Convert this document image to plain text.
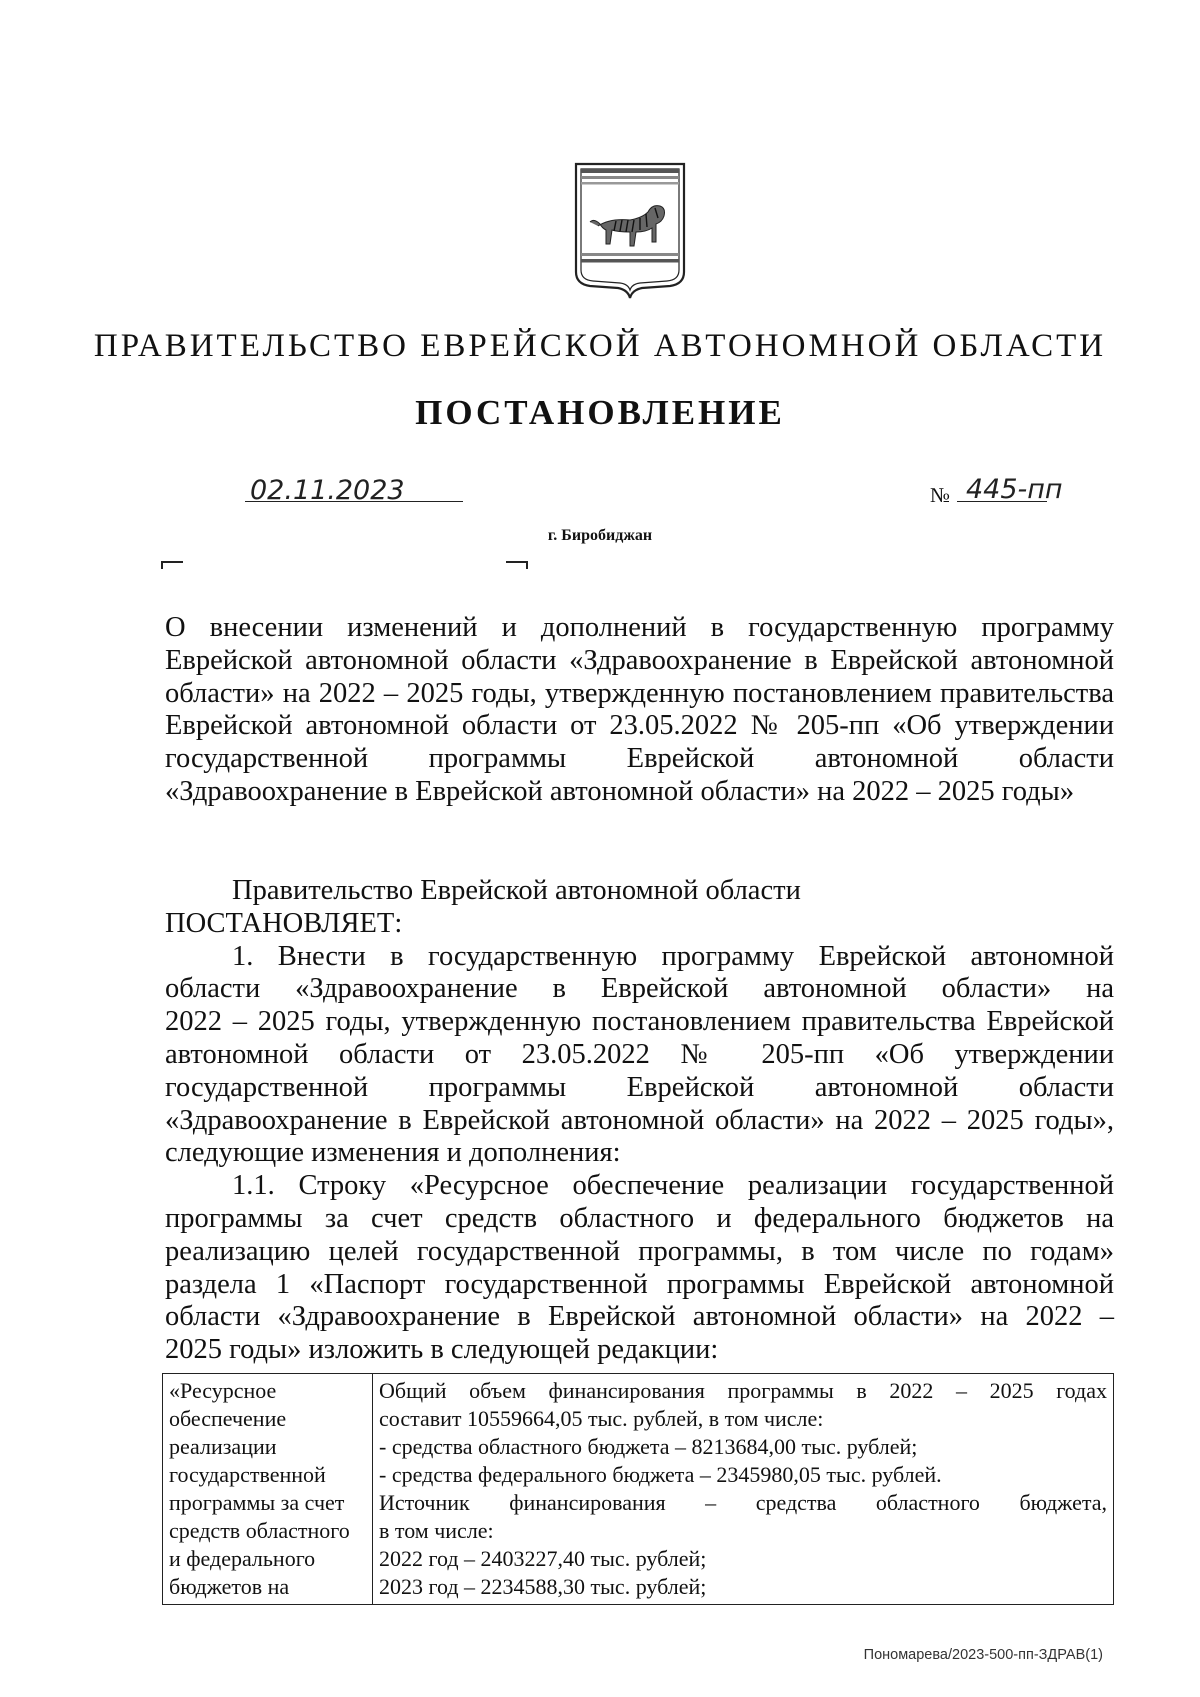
ПРАВИТЕЛЬСТВО ЕВРЕЙСКОЙ АВТОНОМНОЙ ОБЛАСТИ
ПОСТАНОВЛЕНИЕ
02.11.2023	№ 445-пп
г. Биробиджан
О внесении изменений и дополнений в государственную программу
Еврейской автономной области «Здравоохранение в Еврейской автономной
области» на 2022 – 2025 годы, утвержденную постановлением правительства
Еврейской автономной области от 23.05.2022 № 205-пп «Об утверждении
государственной программы Еврейской автономной области
«Здравоохранение в Еврейской автономной области» на 2022 – 2025 годы»
Правительство Еврейской автономной области
ПОСТАНОВЛЯЕТ:
1. Внести в государственную программу Еврейской автономной
области «Здравоохранение в Еврейской автономной области» на
2022 – 2025 годы, утвержденную постановлением правительства Еврейской
автономной области от 23.05.2022 № 205-пп «Об утверждении
государственной программы Еврейской автономной области
«Здравоохранение в Еврейской автономной области» на 2022 – 2025 годы»,
следующие изменения и дополнения:
1.1. Строку «Ресурсное обеспечение реализации государственной
программы за счет средств областного и федерального бюджетов на
реализацию целей государственной программы, в том числе по годам»
раздела 1 «Паспорт государственной программы Еврейской автономной
области «Здравоохранение в Еврейской автономной области» на 2022 –
2025 годы» изложить в следующей редакции:
«Ресурсное
обеспечение
реализации
государственной
программы за счет
средств областного
и федерального
бюджетов на

Общий объем финансирования программы в 2022 – 2025 годах
составит 10559664,05 тыс. рублей, в том числе:
- средства областного бюджета – 8213684,00 тыс. рублей;
- средства федерального бюджета – 2345980,05 тыс. рублей.
Источник финансирования – средства областного бюджета,
в том числе:
2022 год – 2403227,40 тыс. рублей;
2023 год – 2234588,30 тыс. рублей;
Пономарева/2023-500-пп-ЗДРАВ(1)
